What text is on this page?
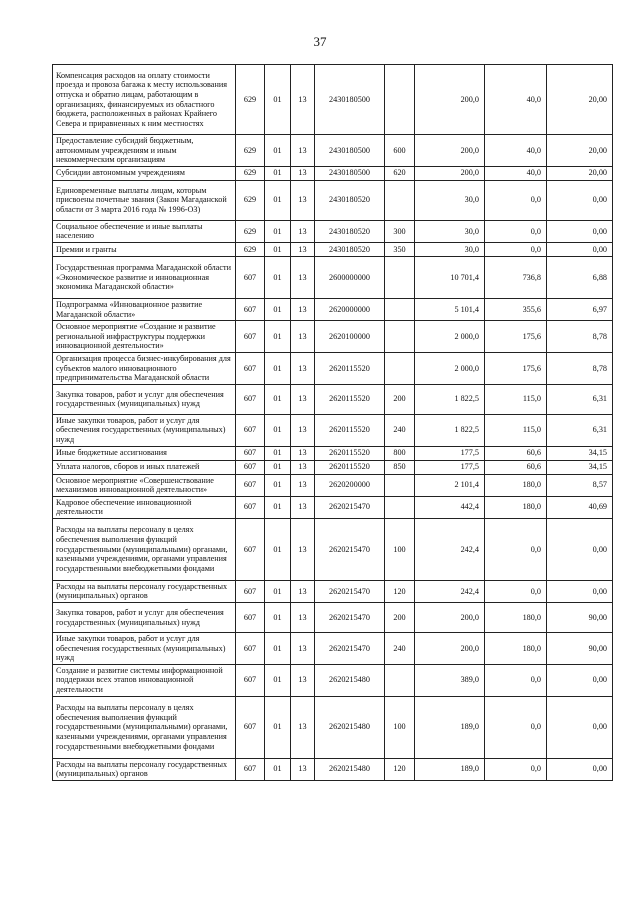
37
Компенсация расходов на оплату стоимости проезда и провоза багажа к месту использования отпуска и обратно лицам, работающим в организациях, финансируемых из областного бюджета, расположенных в районах Крайнего Севера и приравненных к ним местностях	629	01	13	2430180500		200,0	40,0	20,00
Предоставление субсидий бюджетным, автономным учреждениям и иным некоммерческим организациям	629	01	13	2430180500	600	200,0	40,0	20,00
Субсидии автономным учреждениям	629	01	13	2430180500	620	200,0	40,0	20,00
Единовременные выплаты лицам, которым присвоены почетные звания (Закон Магаданской области от 3 марта 2016 года № 1996-ОЗ)	629	01	13	2430180520		30,0	0,0	0,00
Социальное обеспечение и иные выплаты населению	629	01	13	2430180520	300	30,0	0,0	0,00
Премии и гранты	629	01	13	2430180520	350	30,0	0,0	0,00
Государственная программа Магаданской области «Экономическое развитие и инновационная экономика Магаданской области»	607	01	13	2600000000		10 701,4	736,8	6,88
Подпрограмма «Инновационное развитие Магаданской области»	607	01	13	2620000000		5 101,4	355,6	6,97
Основное мероприятие «Создание и развитие региональной инфраструктуры поддержки инновационной деятельности»	607	01	13	2620100000		2 000,0	175,6	8,78
Организация процесса бизнес-инкубирования для субъектов малого инновационного предпринимательства Магаданской области	607	01	13	2620115520		2 000,0	175,6	8,78
Закупка товаров, работ и услуг для обеспечения государственных (муниципальных) нужд	607	01	13	2620115520	200	1 822,5	115,0	6,31
Иные закупки товаров, работ и услуг для обеспечения государственных (муниципальных) нужд	607	01	13	2620115520	240	1 822,5	115,0	6,31
Иные бюджетные ассигнования	607	01	13	2620115520	800	177,5	60,6	34,15
Уплата налогов, сборов и иных платежей	607	01	13	2620115520	850	177,5	60,6	34,15
Основное мероприятие «Совершенствование механизмов инновационной деятельности»	607	01	13	2620200000		2 101,4	180,0	8,57
Кадровое обеспечение инновационной деятельности	607	01	13	2620215470		442,4	180,0	40,69
Расходы на выплаты персоналу в целях обеспечения выполнения функций государственными (муниципальными) органами, казенными учреждениями, органами управления государственными внебюджетными фондами	607	01	13	2620215470	100	242,4	0,0	0,00
Расходы на выплаты персоналу государственных (муниципальных) органов	607	01	13	2620215470	120	242,4	0,0	0,00
Закупка товаров, работ и услуг для обеспечения государственных (муниципальных) нужд	607	01	13	2620215470	200	200,0	180,0	90,00
Иные закупки товаров, работ и услуг для обеспечения государственных (муниципальных) нужд	607	01	13	2620215470	240	200,0	180,0	90,00
Создание и развитие системы информационной поддержки всех этапов инновационной деятельности	607	01	13	2620215480		389,0	0,0	0,00
Расходы на выплаты персоналу в целях обеспечения выполнения функций государственными (муниципальными) органами, казенными учреждениями, органами управления государственными внебюджетными фондами	607	01	13	2620215480	100	189,0	0,0	0,00
Расходы на выплаты персоналу государственных (муниципальных) органов	607	01	13	2620215480	120	189,0	0,0	0,00
